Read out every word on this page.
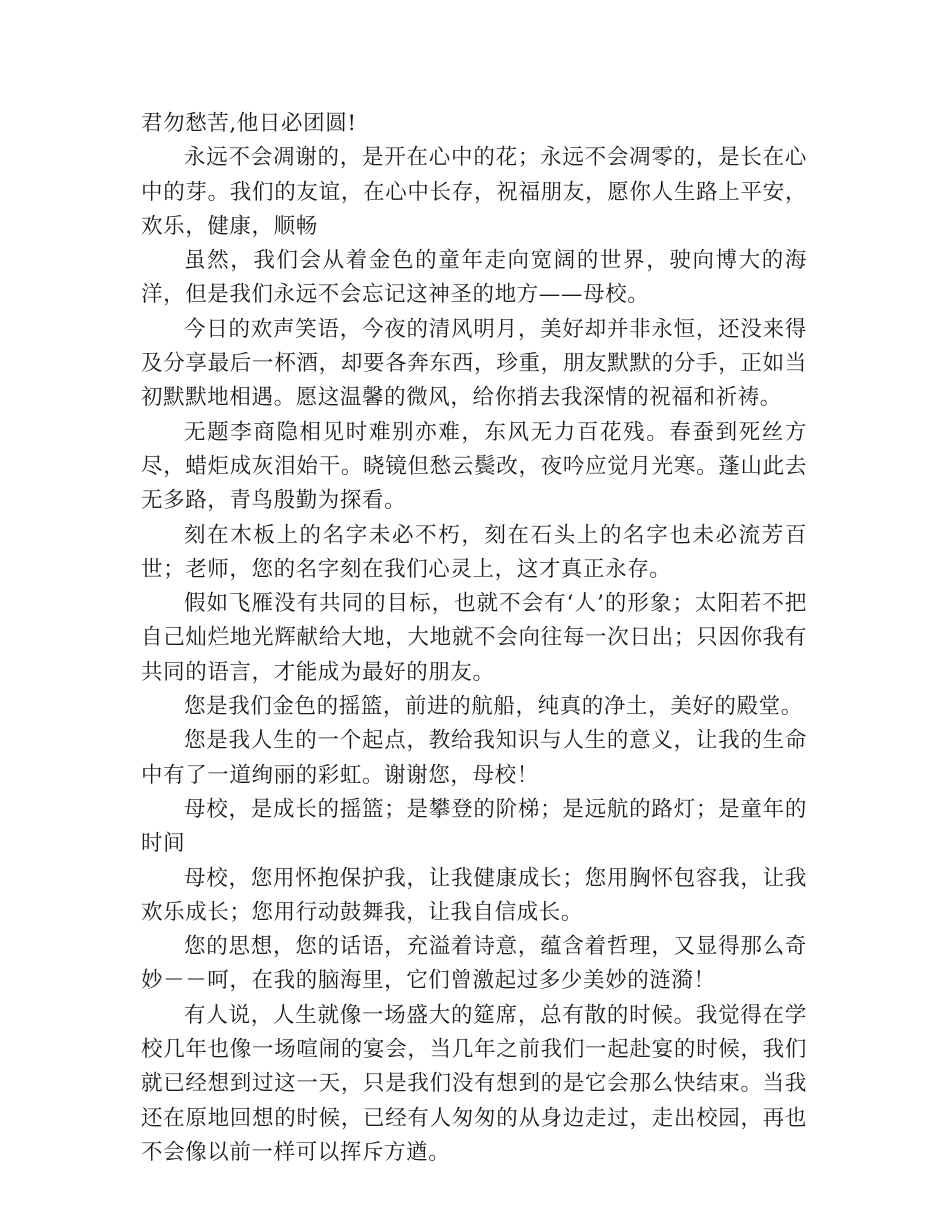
君勿愁苦,他日必团圆!

永远不会凋谢的，是开在心中的花；永远不会凋零的，是长在心中的芽。我们的友谊，在心中长存，祝福朋友，愿你人生路上平安，欢乐，健康，顺畅

虽然，我们会从着金色的童年走向宽阔的世界，驶向博大的海洋，但是我们永远不会忘记这神圣的地方——母校。

今日的欢声笑语，今夜的清风明月，美好却并非永恒，还没来得及分享最后一杯酒，却要各奔东西，珍重，朋友默默的分手，正如当初默默地相遇。愿这温馨的微风，给你捎去我深情的祝福和祈祷。

无题李商隐相见时难别亦难，东风无力百花残。春蚕到死丝方尽，蜡炬成灰泪始干。晓镜但愁云鬓改，夜吟应觉月光寒。蓬山此去无多路，青鸟殷勤为探看。

刻在木板上的名字未必不朽，刻在石头上的名字也未必流芳百世；老师，您的名字刻在我们心灵上，这才真正永存。

假如飞雁没有共同的目标，也就不会有‘人’的形象；太阳若不把自己灿烂地光辉献给大地，大地就不会向往每一次日出；只因你我有共同的语言，才能成为最好的朋友。

您是我们金色的摇篮，前进的航船，纯真的净土，美好的殿堂。

您是我人生的一个起点，教给我知识与人生的意义，让我的生命中有了一道绚丽的彩虹。谢谢您，母校！

母校，是成长的摇篮；是攀登的阶梯；是远航的路灯；是童年的时间

母校，您用怀抱保护我，让我健康成长；您用胸怀包容我，让我欢乐成长；您用行动鼓舞我，让我自信成长。

您的思想，您的话语，充溢着诗意，蕴含着哲理，又显得那么奇妙－－呵，在我的脑海里，它们曾激起过多少美妙的涟漪！

有人说，人生就像一场盛大的筵席，总有散的时候。我觉得在学校几年也像一场喧闹的宴会，当几年之前我们一起赴宴的时候，我们就已经想到过这一天，只是我们没有想到的是它会那么快结束。当我还在原地回想的时候，已经有人匆匆的从身边走过，走出校园，再也不会像以前一样可以挥斥方遒。
